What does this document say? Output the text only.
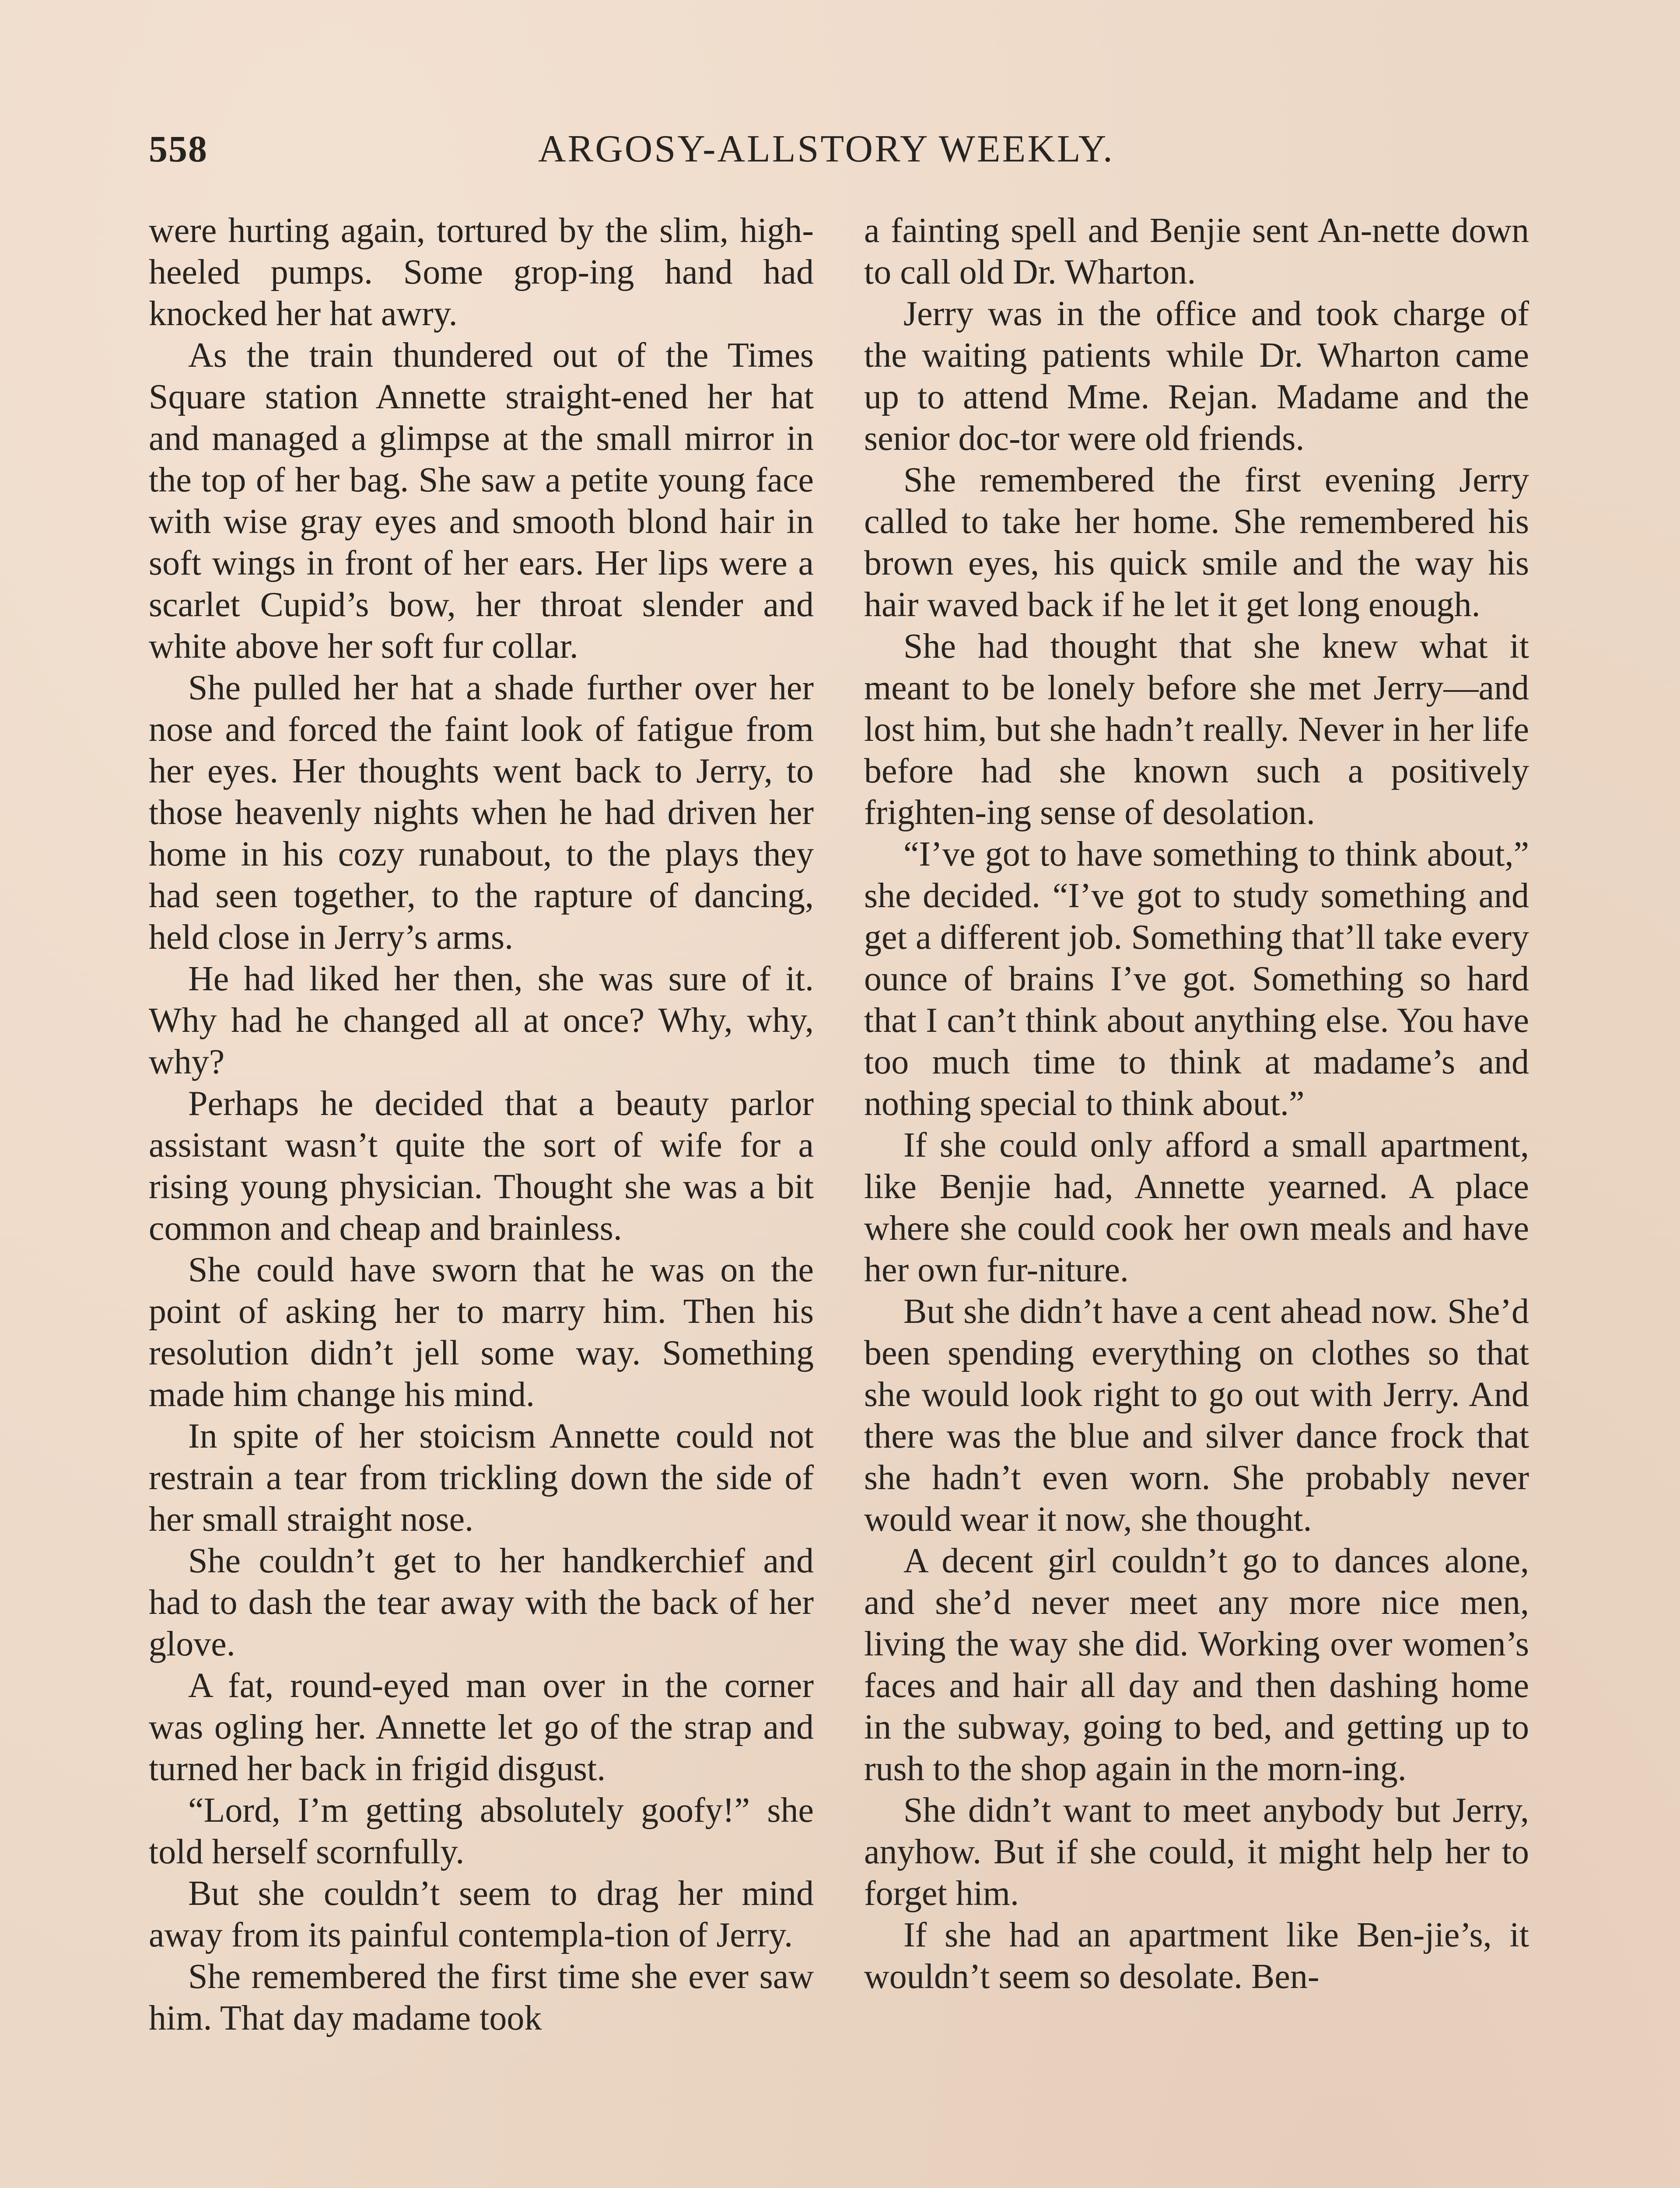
558	ARGOSY-ALLSTORY WEEKLY.

were hurting again, tortured by the slim, high-heeled pumps. Some grop-ing hand had knocked her hat awry.

As the train thundered out of the Times Square station Annette straight-ened her hat and managed a glimpse at the small mirror in the top of her bag. She saw a petite young face with wise gray eyes and smooth blond hair in soft wings in front of her ears. Her lips were a scarlet Cupid’s bow, her throat slender and white above her soft fur collar.

She pulled her hat a shade further over her nose and forced the faint look of fatigue from her eyes. Her thoughts went back to Jerry, to those heavenly nights when he had driven her home in his cozy runabout, to the plays they had seen together, to the rapture of dancing, held close in Jerry’s arms.

He had liked her then, she was sure of it. Why had he changed all at once? Why, why, why?

Perhaps he decided that a beauty parlor assistant wasn’t quite the sort of wife for a rising young physician. Thought she was a bit common and cheap and brainless.

She could have sworn that he was on the point of asking her to marry him. Then his resolution didn’t jell some way. Something made him change his mind.

In spite of her stoicism Annette could not restrain a tear from trickling down the side of her small straight nose.

She couldn’t get to her handkerchief and had to dash the tear away with the back of her glove.

A fat, round-eyed man over in the corner was ogling her. Annette let go of the strap and turned her back in frigid disgust.

“Lord, I’m getting absolutely goofy!” she told herself scornfully.

But she couldn’t seem to drag her mind away from its painful contempla-tion of Jerry.

She remembered the first time she ever saw him. That day madame took

a fainting spell and Benjie sent An-nette down to call old Dr. Wharton.

Jerry was in the office and took charge of the waiting patients while Dr. Wharton came up to attend Mme. Rejan. Madame and the senior doc-tor were old friends.

She remembered the first evening Jerry called to take her home. She remembered his brown eyes, his quick smile and the way his hair waved back if he let it get long enough.

She had thought that she knew what it meant to be lonely before she met Jerry—and lost him, but she hadn’t really. Never in her life before had she known such a positively frighten-ing sense of desolation.

“I’ve got to have something to think about,” she decided. “I’ve got to study something and get a different job. Something that’ll take every ounce of brains I’ve got. Something so hard that I can’t think about anything else. You have too much time to think at madame’s and nothing special to think about.”

If she could only afford a small apartment, like Benjie had, Annette yearned. A place where she could cook her own meals and have her own fur-niture.

But she didn’t have a cent ahead now. She’d been spending everything on clothes so that she would look right to go out with Jerry. And there was the blue and silver dance frock that she hadn’t even worn. She probably never would wear it now, she thought.

A decent girl couldn’t go to dances alone, and she’d never meet any more nice men, living the way she did. Working over women’s faces and hair all day and then dashing home in the subway, going to bed, and getting up to rush to the shop again in the morn-ing.

She didn’t want to meet anybody but Jerry, anyhow. But if she could, it might help her to forget him.

If she had an apartment like Ben-jie’s, it wouldn’t seem so desolate. Ben-
